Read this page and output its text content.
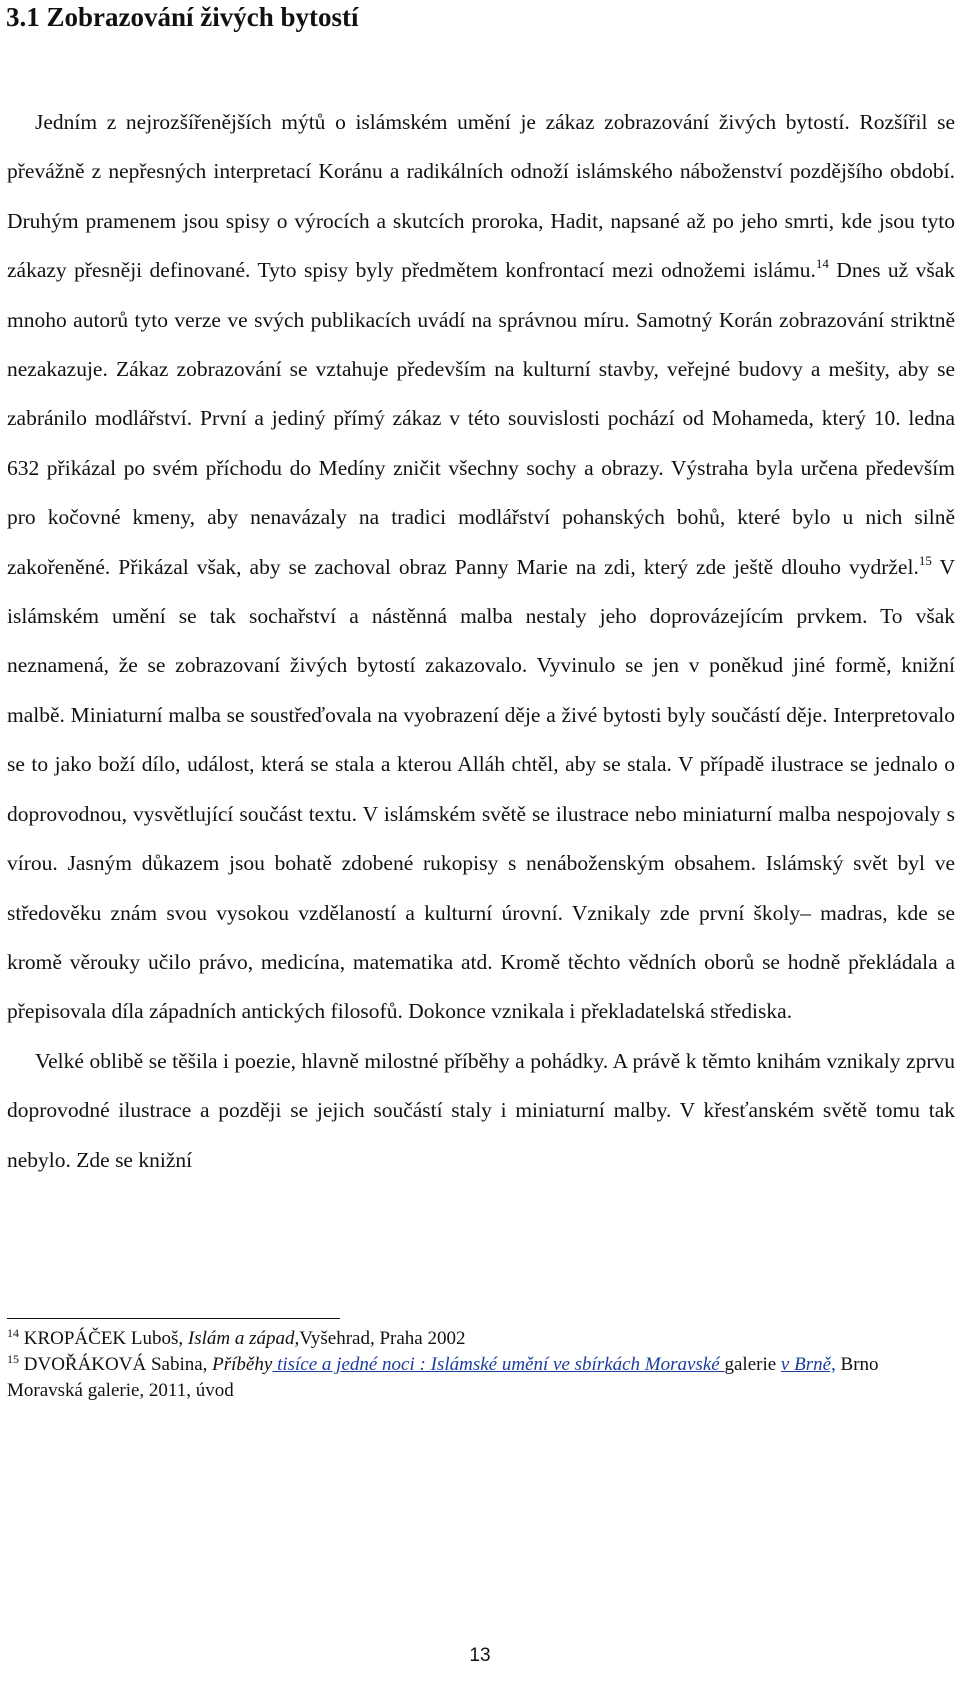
3.1 Zobrazování živých bytostí

Jedním z nejrozšířenějších mýtů o islámském umění je zákaz zobrazování živých bytostí. Rozšířil se převážně z nepřesných interpretací Koránu a radikálních odnoží islámského náboženství pozdějšího období. Druhým pramenem jsou spisy o výrocích a skutcích proroka, Hadit, napsané až po jeho smrti, kde jsou tyto zákazy přesněji definované. Tyto spisy byly předmětem konfrontací mezi odnožemi islámu.$^{14}$ Dnes už však mnoho autorů tyto verze ve svých publikacích uvádí na správnou míru. Samotný Korán zobrazování striktně nezakazuje. Zákaz zobrazování se vztahuje především na kulturní stavby, veřejné budovy a mešity, aby se zabránilo modlářství. První a jediný přímý zákaz v této souvislosti pochází od Mohameda, který 10. ledna 632 přikázal po svém příchodu do Medíny zničit všechny sochy a obrazy. Výstraha byla určena především pro kočovné kmeny, aby nenavázaly na tradici modlářství pohanských bohů, které bylo u nich silně zakořeněné. Přikázal však, aby se zachoval obraz Panny Marie na zdi, který zde ještě dlouho vydržel.$^{15}$ V islámském umění se tak sochařství a nástěnná malba nestaly jeho doprovázejícím prvkem. To však neznamená, že se zobrazovaní živých bytostí zakazovalo. Vyvinulo se jen v poněkud jiné formě, knižní malbě. Miniaturní malba se soustřeďovala na vyobrazení děje a živé bytosti byly součástí děje. Interpretovalo se to jako boží dílo, událost, která se stala a kterou Alláh chtěl, aby se stala. V případě ilustrace se jednalo o doprovodnou, vysvětlující součást textu. V islámském světě se ilustrace nebo miniaturní malba nespojovaly s vírou. Jasným důkazem jsou bohatě zdobené rukopisy s nenáboženským obsahem. Islámský svět byl ve středověku znám svou vysokou vzdělaností a kulturní úrovní. Vznikaly zde první školy– madras, kde se kromě věrouky učilo právo, medicína, matematika atd. Kromě těchto vědních oborů se hodně překládala a přepisovala díla západních antických filosofů. Dokonce vznikala i překladatelská střediska.

Velké oblibě se těšila i poezie, hlavně milostné příběhy a pohádky. A právě k těmto knihám vznikaly zprvu doprovodné ilustrace a později se jejich součástí staly i miniaturní malby. V křesťanském světě tomu tak nebylo. Zde se knižní

$^{14}$ KROPÁČEK Luboš, Islám a západ,Vyšehrad, Praha 2002

$^{15}$ DVOŘÁKOVÁ Sabina, Příběhy tisíce a jedné noci : Islámské umění ve sbírkách Moravské galerie v Brně, Brno Moravská galerie, 2011, úvod

13
